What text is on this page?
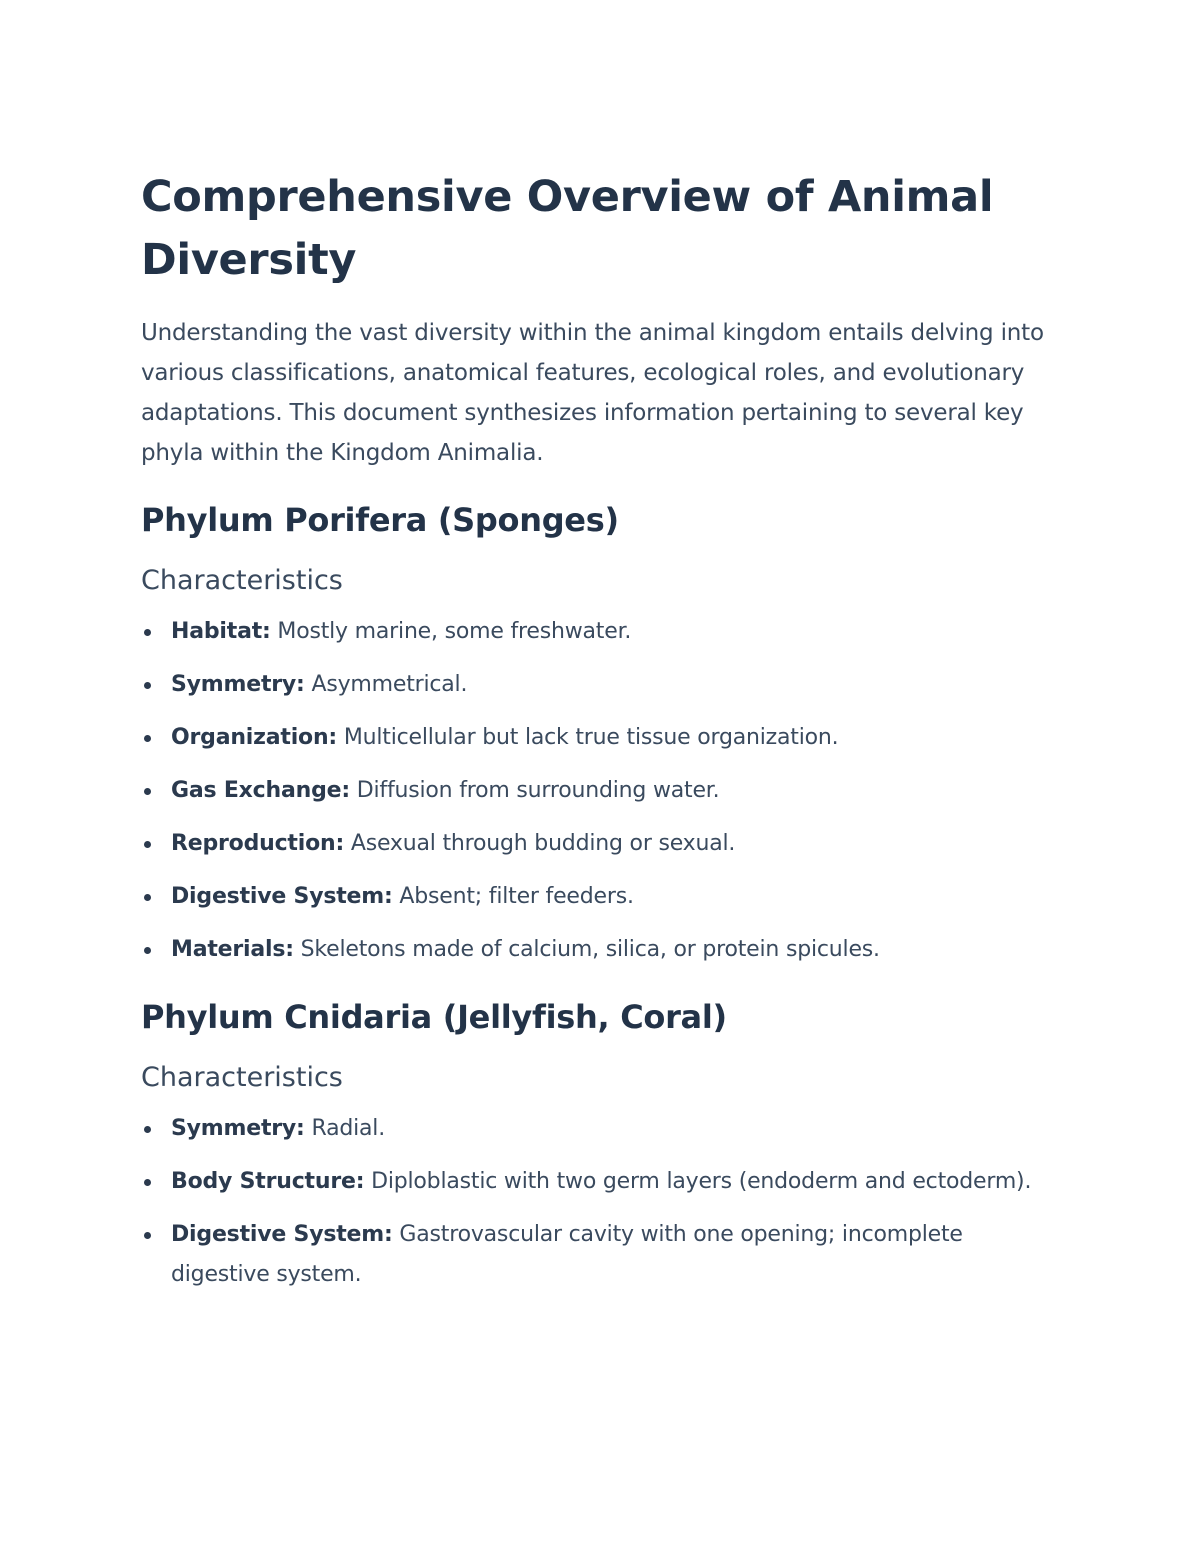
Comprehensive Overview of Animal Diversity

Understanding the vast diversity within the animal kingdom entails delving into various classifications, anatomical features, ecological roles, and evolutionary adaptations. This document synthesizes information pertaining to several key phyla within the Kingdom Animalia.

Phylum Porifera (Sponges)
Characteristics
Habitat: Mostly marine, some freshwater.
Symmetry: Asymmetrical.
Organization: Multicellular but lack true tissue organization.
Gas Exchange: Diffusion from surrounding water.
Reproduction: Asexual through budding or sexual.
Digestive System: Absent; filter feeders.
Materials: Skeletons made of calcium, silica, or protein spicules.
Phylum Cnidaria (Jellyfish, Coral)
Characteristics
Symmetry: Radial.
Body Structure: Diploblastic with two germ layers (endoderm and ectoderm).
Digestive System: Gastrovascular cavity with one opening; incomplete digestive system.
